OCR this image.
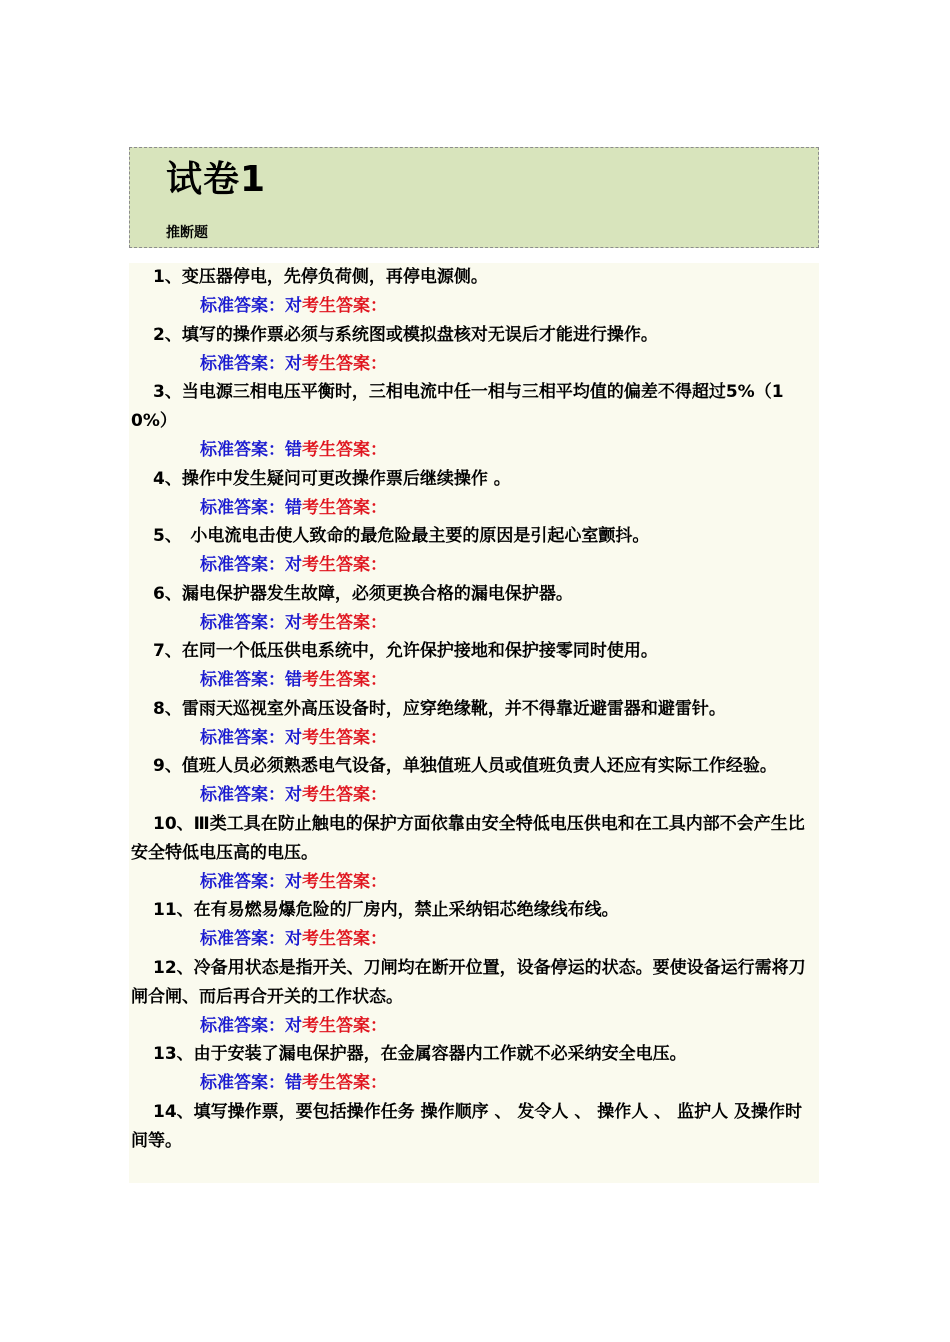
试卷1
推断题

1、变压器停电，先停负荷侧，再停电源侧。

标准答案：对考生答案：

2、填写的操作票必须与系统图或模拟盘核对无误后才能进行操作。

标准答案：对考生答案：

3、当电源三相电压平衡时，三相电流中任一相与三相平均值的偏差不得超过5%（10%）

标准答案：错考生答案：

4、操作中发生疑问可更改操作票后继续操作 。

标准答案：错考生答案：

5、　小电流电击使人致命的最危险最主要的原因是引起心室颤抖。

标准答案：对考生答案：

6、漏电保护器发生故障，必须更换合格的漏电保护器。

标准答案：对考生答案：

7、在同一个低压供电系统中，允许保护接地和保护接零同时使用。

标准答案：错考生答案：

8、雷雨天巡视室外高压设备时，应穿绝缘靴，并不得靠近避雷器和避雷针。

标准答案：对考生答案：

9、值班人员必须熟悉电气设备，单独值班人员或值班负责人还应有实际工作经验。

标准答案：对考生答案：

10、Ⅲ类工具在防止触电的保护方面依靠由安全特低电压供电和在工具内部不会产生比安全特低电压高的电压。

标准答案：对考生答案：

11、在有易燃易爆危险的厂房内，禁止采纳铝芯绝缘线布线。

标准答案：对考生答案：

12、冷备用状态是指开关、刀闸均在断开位置，设备停运的状态。要使设备运行需将刀闸合闸、而后再合开关的工作状态。

标准答案：对考生答案：

13、由于安装了漏电保护器，在金属容器内工作就不必采纳安全电压。

标准答案：错考生答案：

14、填写操作票，要包括操作任务 操作顺序 、 发令人 、 操作人 、 监护人 及操作时间等。
